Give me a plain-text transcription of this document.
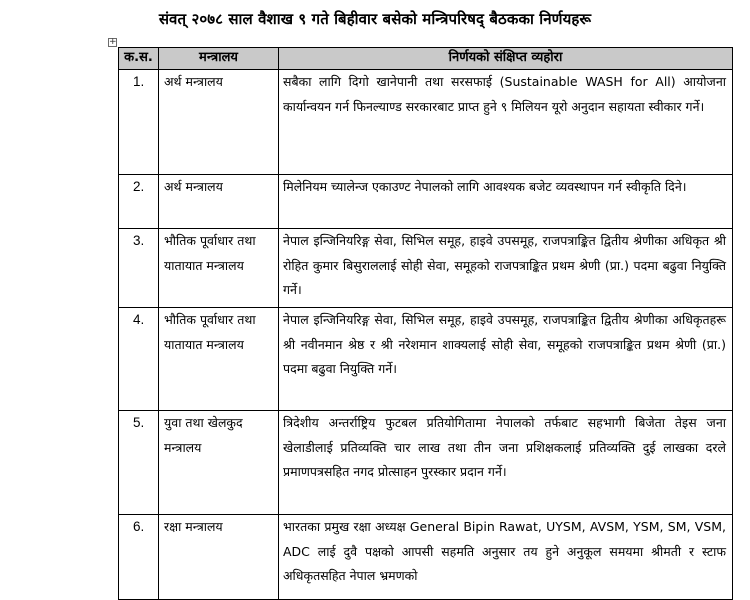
संवत् २०७८ साल वैशाख ९ गते बिहीवार बसेको मन्त्रिपरिषद् बैठकका निर्णयहरू
+
क.स.	मन्त्रालय	निर्णयको संक्षिप्त व्यहोरा
1.	अर्थ मन्त्रालय	सबैका लागि दिगो खानेपानी तथा सरसफाई (Sustainable WASH for All) आयोजना कार्यान्वयन गर्न फिनल्याण्ड सरकारबाट प्राप्त हुने ९ मिलियन यूरो अनुदान सहायता स्वीकार गर्ने।
2.	अर्थ मन्त्रालय	मिलेनियम च्यालेन्ज एकाउण्ट नेपालको लागि आवश्यक बजेट व्यवस्थापन गर्न स्वीकृति दिने।
3.	भौतिक पूर्वाधार तथा यातायात मन्त्रालय	नेपाल इन्जिनियरिङ्ग सेवा, सिभिल समूह, हाइवे उपसमूह, राजपत्राङ्कित द्वितीय श्रेणीका अधिकृत श्री रोहित कुमार बिसुराललाई सोही सेवा, समूहको राजपत्राङ्कित प्रथम श्रेणी (प्रा.) पदमा बढुवा नियुक्ति गर्ने।
4.	भौतिक पूर्वाधार तथा यातायात मन्त्रालय	नेपाल इन्जिनियरिङ्ग सेवा, सिभिल समूह, हाइवे उपसमूह, राजपत्राङ्कित द्वितीय श्रेणीका अधिकृतहरू श्री नवीनमान श्रेष्ठ र श्री नरेशमान शाक्यलाई सोही सेवा, समूहको राजपत्राङ्कित प्रथम श्रेणी (प्रा.) पदमा बढुवा नियुक्ति गर्ने।
5.	युवा तथा खेलकुद मन्त्रालय	त्रिदेशीय अन्तर्राष्ट्रिय फुटबल प्रतियोगितामा नेपालको तर्फबाट सहभागी बिजेता तेइस जना खेलाडीलाई प्रतिव्यक्ति चार लाख तथा तीन जना प्रशिक्षकलाई प्रतिव्यक्ति दुई लाखका दरले प्रमाणपत्रसहित नगद प्रोत्साहन पुरस्कार प्रदान गर्ने।
6.	रक्षा मन्त्रालय	भारतका प्रमुख रक्षा अध्यक्ष General Bipin Rawat, UYSM, AVSM, YSM, SM, VSM, ADC लाई दुवै पक्षको आपसी सहमति अनुसार तय हुने अनुकूल समयमा श्रीमती र स्टाफ अधिकृतसहित नेपाल भ्रमणको
